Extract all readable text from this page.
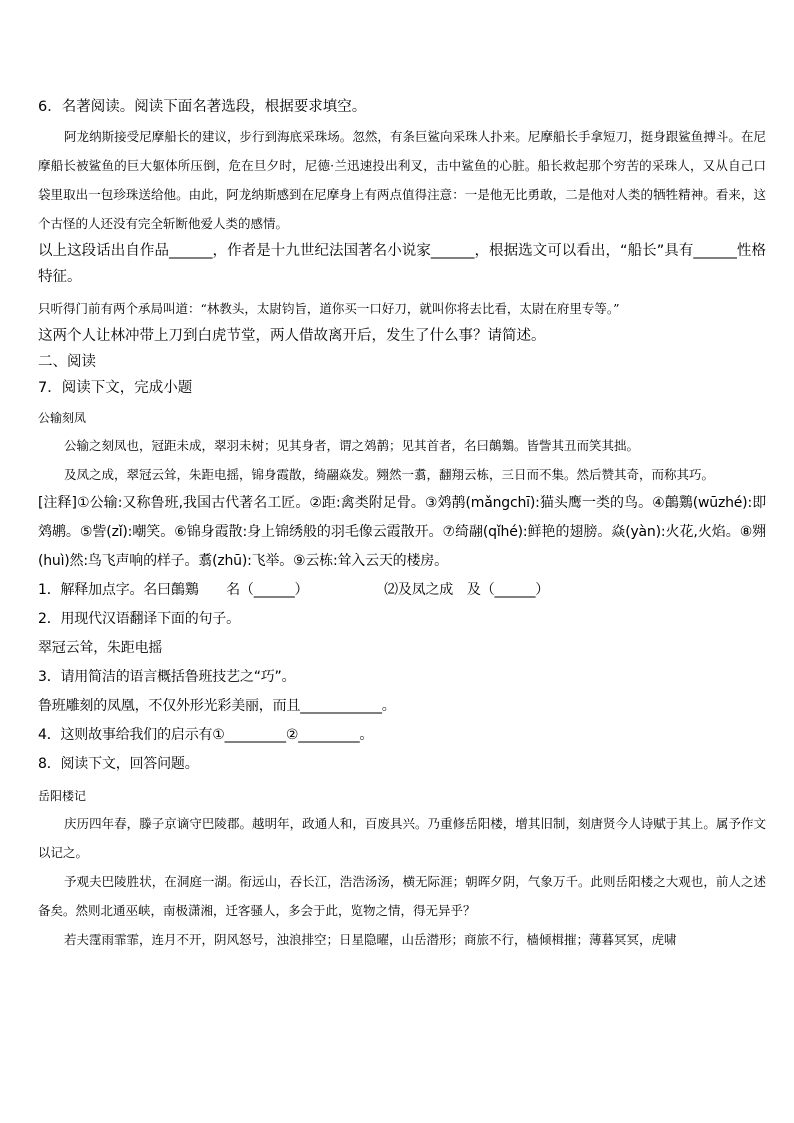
6．名著阅读。阅读下面名著选段，根据要求填空。

阿龙纳斯接受尼摩船长的建议，步行到海底采珠场。忽然，有条巨鲨向采珠人扑来。尼摩船长手拿短刀，挺身跟鲨鱼搏斗。在尼摩船长被鲨鱼的巨大躯体所压倒，危在旦夕时，尼德·兰迅速投出利叉，击中鲨鱼的心脏。船长救起那个穷苦的采珠人，又从自己口袋里取出一包珍珠送给他。由此，阿龙纳斯感到在尼摩身上有两点值得注意：一是他无比勇敢，二是他对人类的牺牲精神。看来，这个古怪的人还没有完全斩断他爱人类的感情。

以上这段话出自作品______，作者是十九世纪法国著名小说家______，根据选文可以看出，“船长”具有______性格特征。

只听得门前有两个承局叫道：“林教头，太尉钧旨，道你买一口好刀，就叫你将去比看，太尉在府里专等。”

这两个人让林冲带上刀到白虎节堂，两人借故离开后，发生了什么事？请简述。

二、阅读

7．阅读下文，完成小题

公输刻凤

公输之刻凤也，冠距未成，翠羽未树；见其身者，谓之䴔䴖；见其首者，名曰䴅䴆。皆訾其丑而笑其拙。

及凤之成，翠冠云耸，朱距电摇，锦身霞散，绮翮焱发。翙然一翥，翻翔云栋，三日而不集。然后赞其奇，而称其巧。

[注释]①公输:又称鲁班,我国古代著名工匠。②距:禽类附足骨。③䴔䴖(mǎngchī):猫头鹰一类的鸟。④䴅䴆(wūzhé):即䴔鹕。⑤訾(zǐ):嘲笑。⑥锦身霞散:身上锦绣般的羽毛像云霞散开。⑦绮翮(qǐhé):鲜艳的翅膀。焱(yàn):火花,火焰。⑧翙(huì)然:鸟飞声响的样子。翥(zhū):飞举。⑨云栋:耸入云天的楼房。

1．解释加点字。名曰䴅䴆　　名（______）　　　　　　⑵及凤之成　及（______）

2．用现代汉语翻译下面的句子。

翠冠云耸，朱距电摇

3．请用简洁的语言概括鲁班技艺之“巧”。

鲁班雕刻的凤凰，不仅外形光彩美丽，而且____________。

4．这则故事给我们的启示有①_________②_________。

8．阅读下文，回答问题。

岳阳楼记

庆历四年春，滕子京谪守巴陵郡。越明年，政通人和，百废具兴。乃重修岳阳楼，增其旧制，刻唐贤今人诗赋于其上。属予作文以记之。

予观夫巴陵胜状，在洞庭一湖。衔远山，吞长江，浩浩汤汤，横无际涯；朝晖夕阴，气象万千。此则岳阳楼之大观也，前人之述备矣。然则北通巫峡，南极潇湘，迁客骚人，多会于此，览物之情，得无异乎？

若夫霪雨霏霏，连月不开，阴风怒号，浊浪排空；日星隐曜，山岳潜形；商旅不行，樯倾楫摧；薄暮冥冥，虎啸
